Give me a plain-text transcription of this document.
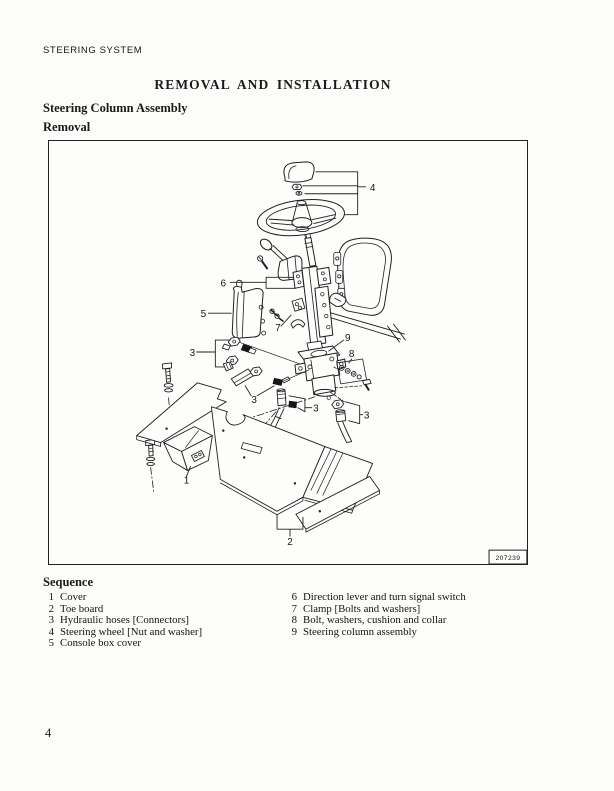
STEERING SYSTEM
REMOVAL AND INSTALLATION
Steering Column Assembly
Removal
4
6
5
7
3
9
8
3
3
3
1
2
207239
Sequence
1 Cover
2 Toe board
3 Hydraulic hoses [Connectors]
4 Steering wheel [Nut and washer]
5 Console box cover
6 Direction lever and turn signal switch
7 Clamp [Bolts and washers]
8 Bolt, washers, cushion and collar
9 Steering column assembly
4
